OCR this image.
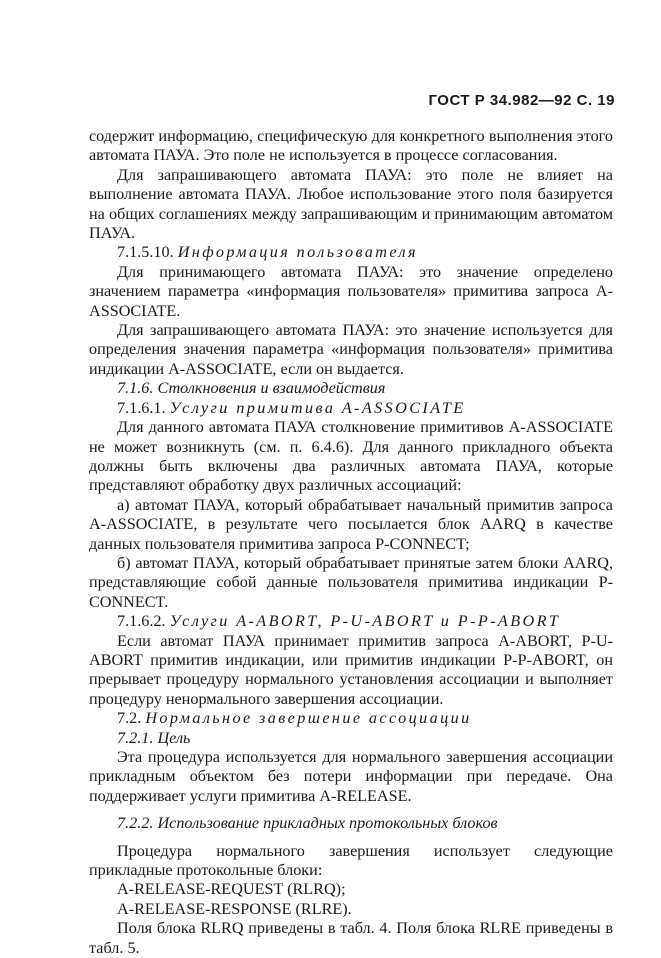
ГОСТ Р 34.982—92 С. 19

содержит информацию, специфическую для конкретного выполнения этого автомата ПАУА. Это поле не используется в процессе согласования.

Для запрашивающего автомата ПАУА: это поле не влияет на выполнение автомата ПАУА. Любое использование этого поля базируется на общих соглашениях между запрашивающим и принимающим автоматом ПАУА.

7.1.5.10. Информация пользователя

Для принимающего автомата ПАУА: это значение определено значением параметра «информация пользователя» примитива запроса A-ASSOCIATE.

Для запрашивающего автомата ПАУА: это значение используется для определения значения параметра «информация пользователя» примитива индикации A-ASSOCIATE, если он выдается.

7.1.6. Столкновения и взаимодействия

7.1.6.1. Услуги примитива A-ASSOCIATE

Для данного автомата ПАУА столкновение примитивов A-ASSOCIATE не может возникнуть (см. п. 6.4.6). Для данного прикладного объекта должны быть включены два различных автомата ПАУА, которые представляют обработку двух различных ассоциаций:

а) автомат ПАУА, который обрабатывает начальный примитив запроса A-ASSOCIATE, в результате чего посылается блок AARQ в качестве данных пользователя примитива запроса P-CONNECT;

б) автомат ПАУА, который обрабатывает принятые затем блоки AARQ, представляющие собой данные пользователя примитива индикации P-CONNECT.

7.1.6.2. Услуги A-ABORT, P-U-ABORT и P-P-ABORT

Если автомат ПАУА принимает примитив запроса A-ABORT, P-U-ABORT примитив индикации, или примитив индикации P-P-ABORT, он прерывает процедуру нормального установления ассоциации и выполняет процедуру ненормального завершения ассоциации.

7.2. Нормальное завершение ассоциации

7.2.1. Цель

Эта процедура используется для нормального завершения ассоциации прикладным объектом без потери информации при передаче. Она поддерживает услуги примитива A-RELEASE.

7.2.2. Использование прикладных протокольных блоков

Процедура нормального завершения использует следующие прикладные протокольные блоки:

A-RELEASE-REQUEST (RLRQ);

A-RELEASE-RESPONSE (RLRE).

Поля блока RLRQ приведены в табл. 4. Поля блока RLRE приведены в табл. 5.
